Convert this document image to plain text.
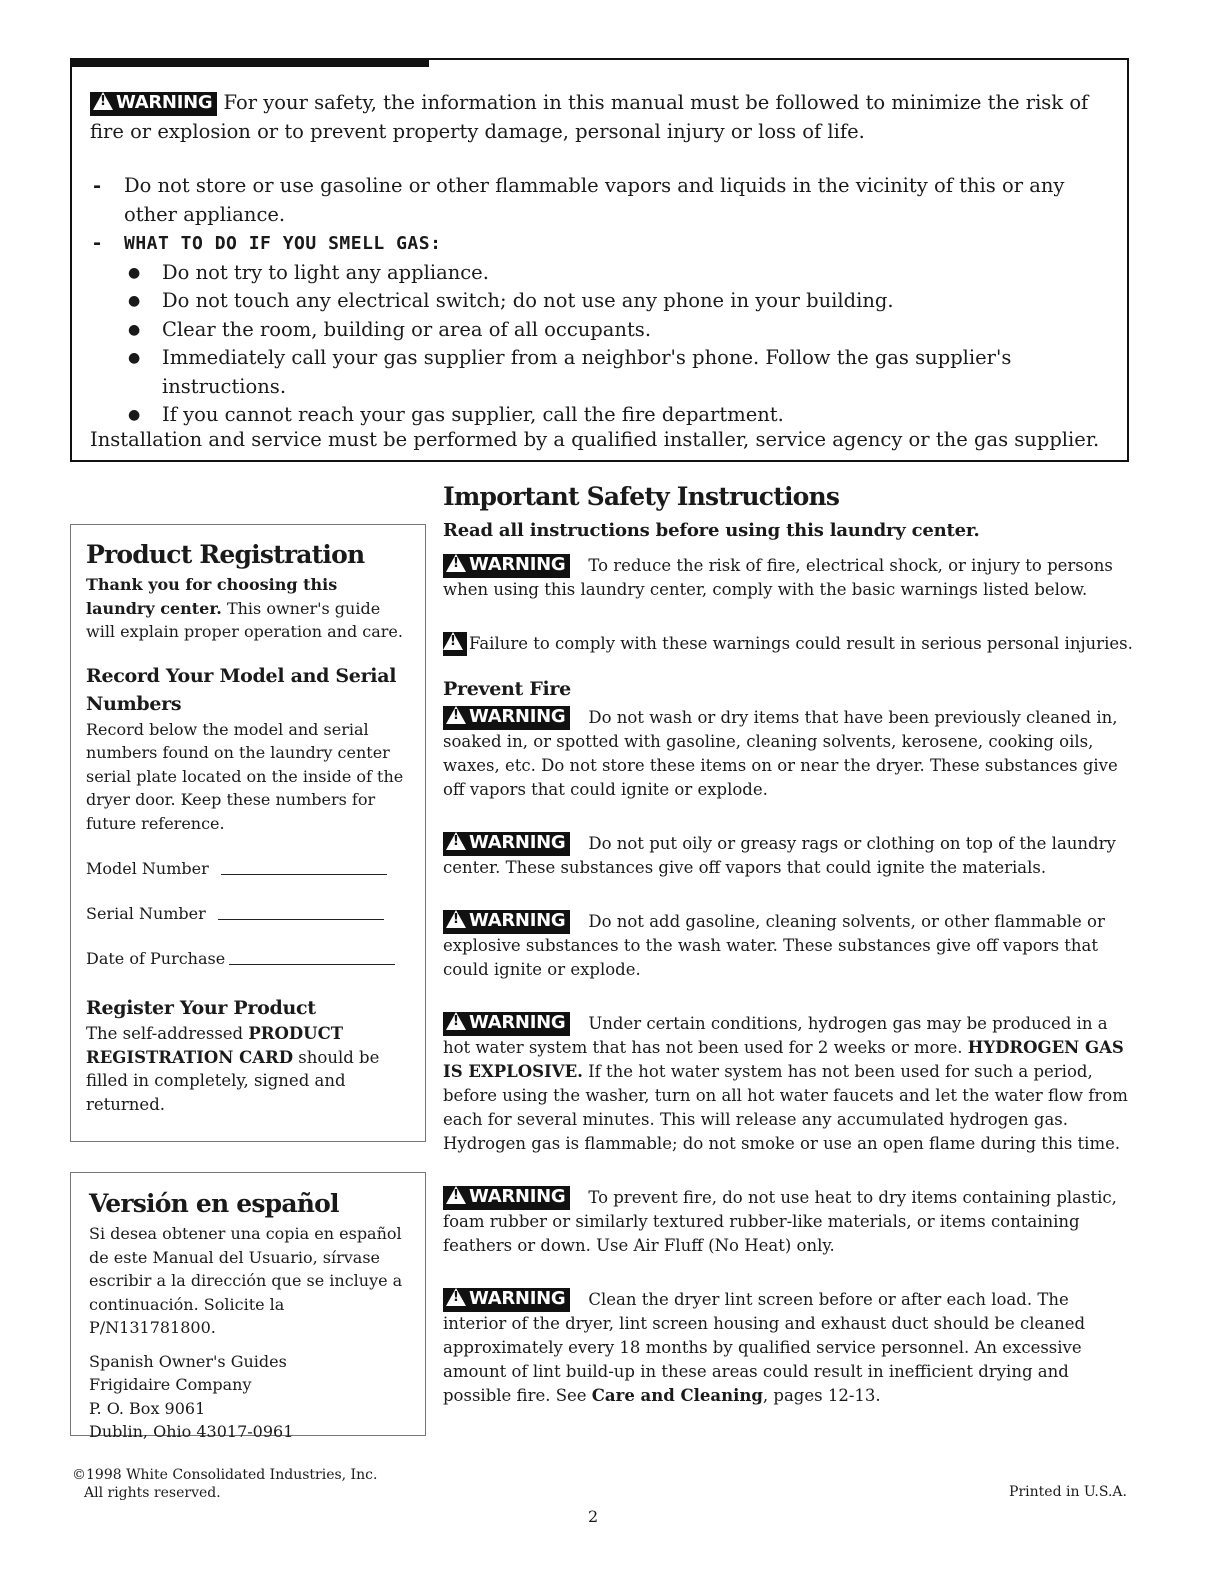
!WARNING For your safety, the information in this manual must be followed to minimize the risk of fire or explosion or to prevent property damage, personal injury or loss of life.
- Do not store or use gasoline or other flammable vapors and liquids in the vicinity of this or any other appliance.
- WHAT TO DO IF YOU SMELL GAS:
● Do not try to light any appliance.
● Do not touch any electrical switch; do not use any phone in your building.
● Clear the room, building or area of all occupants.
● Immediately call your gas supplier from a neighbor's phone. Follow the gas supplier's instructions.
● If you cannot reach your gas supplier, call the fire department.
Installation and service must be performed by a qualified installer, service agency or the gas supplier.
Product Registration

Thank you for choosing this laundry center. This owner's guide will explain proper operation and care.

Record Your Model and Serial Numbers

Record below the model and serial numbers found on the laundry center serial plate located on the inside of the dryer door. Keep these numbers for future reference.

Model Number
Serial Number
Date of Purchase
Register Your Product

The self-addressed PRODUCT REGISTRATION CARD should be filled in completely, signed and returned.

Versión en español

Si desea obtener una copia en español de este Manual del Usuario, sírvase escribir a la dirección que se incluye a continuación. Solicite la P/N131781800.

Spanish Owner's Guides
Frigidaire Company
P. O. Box 9061
Dublin, Ohio 43017-0961
Important Safety Instructions
Read all instructions before using this laundry center.

!WARNING To reduce the risk of fire, electrical shock, or injury to persons when using this laundry center, comply with the basic warnings listed below.

!Failure to comply with these warnings could result in serious personal injuries.

Prevent Fire

!WARNING Do not wash or dry items that have been previously cleaned in, soaked in, or spotted with gasoline, cleaning solvents, kerosene, cooking oils, waxes, etc. Do not store these items on or near the dryer. These substances give off vapors that could ignite or explode.

!WARNING Do not put oily or greasy rags or clothing on top of the laundry center. These substances give off vapors that could ignite the materials.

!WARNING Do not add gasoline, cleaning solvents, or other flammable or explosive substances to the wash water. These substances give off vapors that could ignite or explode.

!WARNING Under certain conditions, hydrogen gas may be produced in a hot water system that has not been used for 2 weeks or more. HYDROGEN GAS IS EXPLOSIVE. If the hot water system has not been used for such a period, before using the washer, turn on all hot water faucets and let the water flow from each for several minutes. This will release any accumulated hydrogen gas. Hydrogen gas is flammable; do not smoke or use an open flame during this time.

!WARNING To prevent fire, do not use heat to dry items containing plastic, foam rubber or similarly textured rubber-like materials, or items containing feathers or down. Use Air Fluff (No Heat) only.

!WARNING Clean the dryer lint screen before or after each load. The interior of the dryer, lint screen housing and exhaust duct should be cleaned approximately every 18 months by qualified service personnel. An excessive amount of lint build-up in these areas could result in inefficient drying and possible fire. See Care and Cleaning, pages 12-13.

©1998 White Consolidated Industries, Inc.
All rights reserved.	Printed in U.S.A.
2
